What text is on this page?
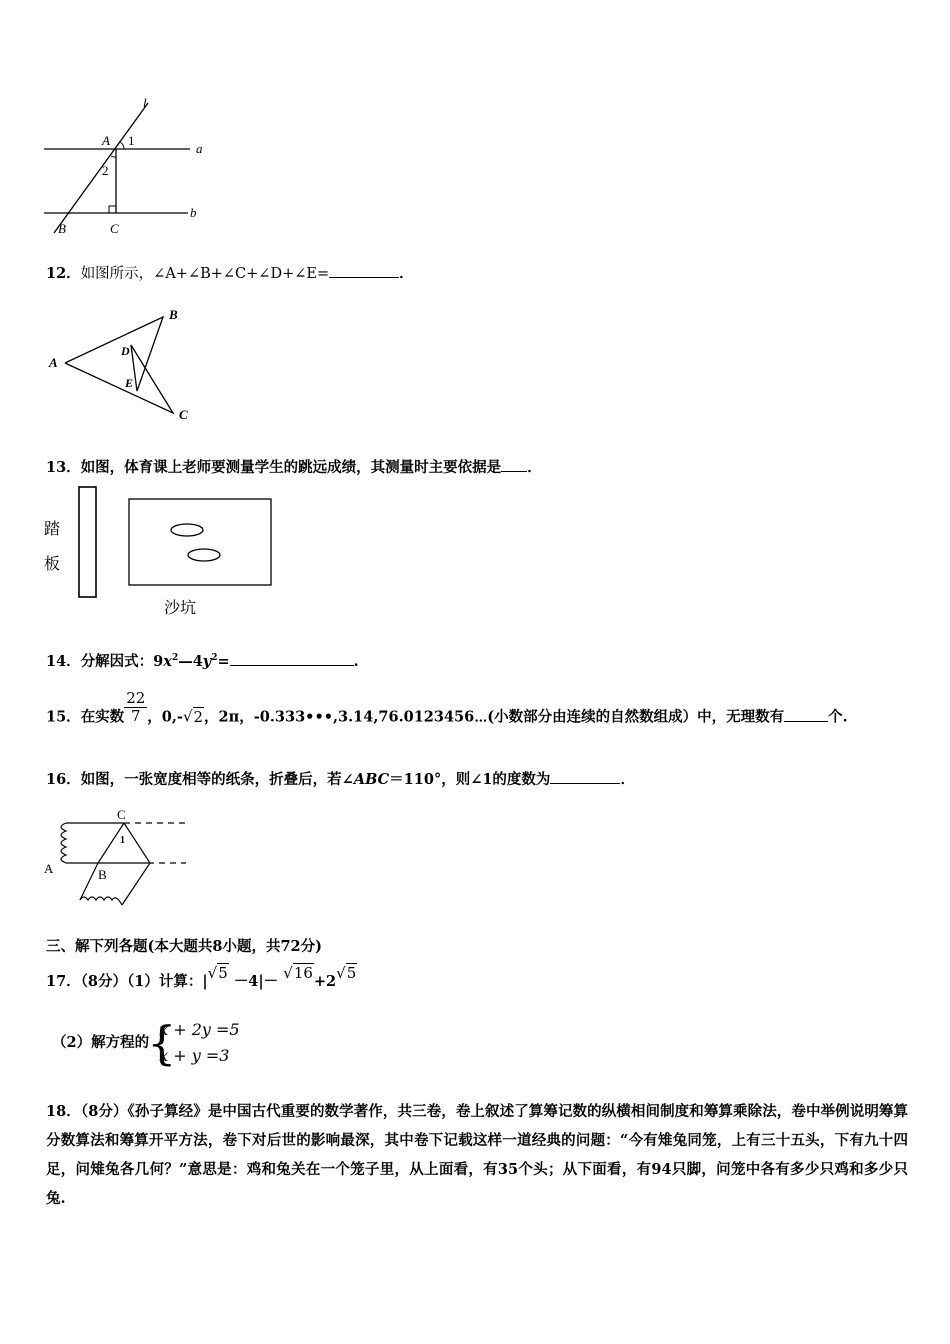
l
A 1
a
2
B	C
b
12．如图所示，∠A+∠B+∠C+∠D+∠E=	．
A
B
C
D
E
13．如图，体育课上老师要测量学生的跳远成绩，其测量时主要依据是 ．
踏
板
沙坑
14．分解因式：$9x^2—4y^2=$	.
15．在实数 $\frac{22}{7}$ ，0,-√2，2π，-0.333•••,3.14,76.0123456⋯(小数部分由连续的自然数组成）中，无理数有	个.
16．如图，一张宽度相等的纸条，折叠后，若∠ABC＝110°，则∠1的度数为	．
C
1
A	B
三、解下列各题(本大题共8小题，共72分)
17．（8分）（1）计算：|√5 －4|－ √16+2√5
（2）解方程的
{
x + 2y =5
x + y =3
18．（8分）《孙子算经》是中国古代重要的数学著作，共三卷，卷上叙述了算筹记数的纵横相间制度和筹算乘除法，卷中举例说明筹算分数算法和筹算开平方法，卷下对后世的影响最深，其中卷下记载这样一道经典的问题：“今有雉兔同笼，上有三十五头，下有九十四足，问雉兔各几何？”意思是：鸡和兔关在一个笼子里，从上面看，有35个头；从下面看，有94只脚，问笼中各有多少只鸡和多少只兔.
